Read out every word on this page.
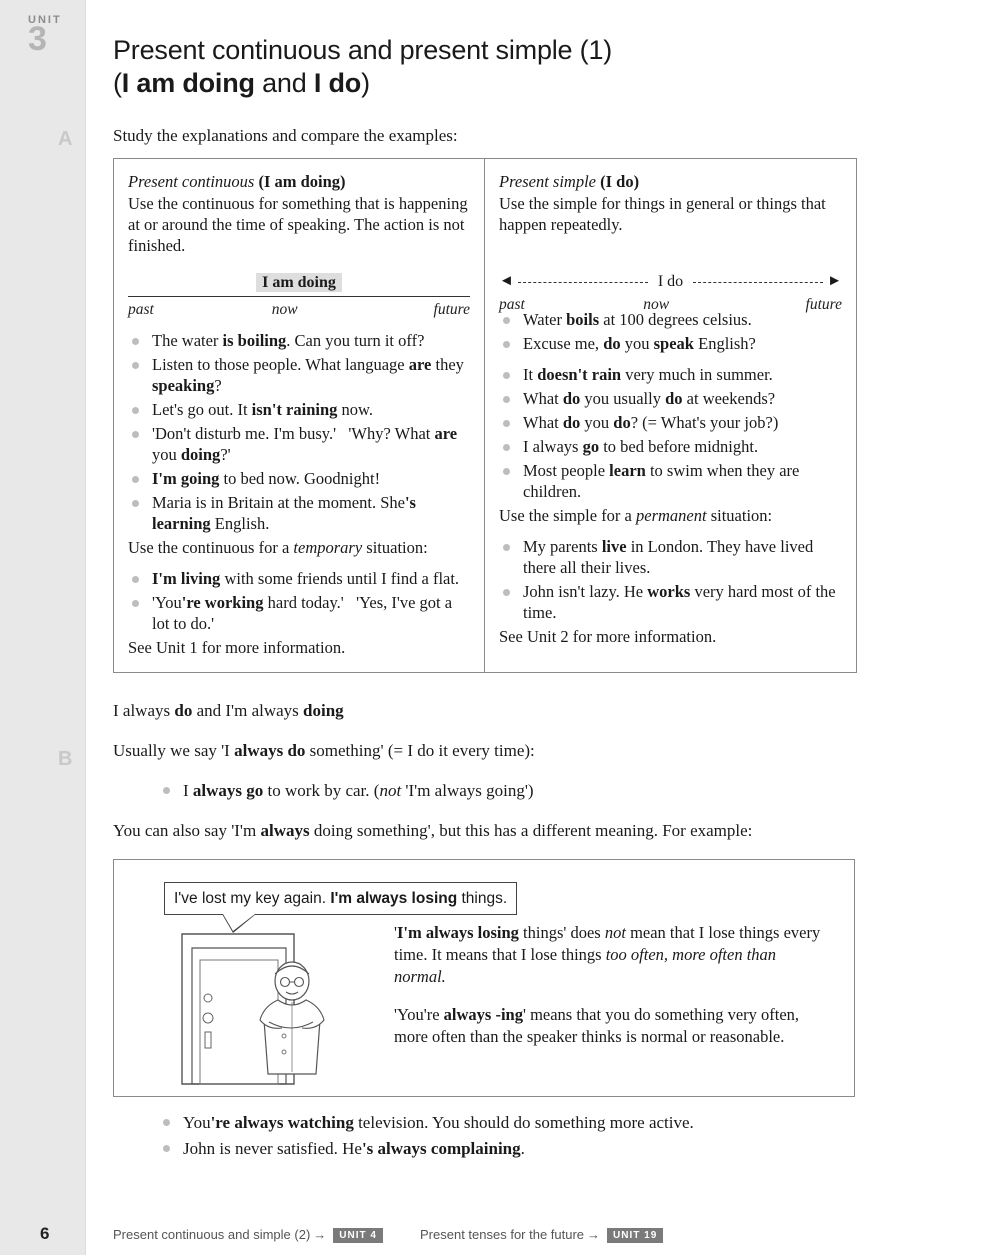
UNIT
3
A
B
Present continuous and present simple (1)
(I am doing and I do)

Study the explanations and compare the examples:

Present continuous (I am doing)

Use the continuous for something that is happening at or around the time of speaking. The action is not finished.

I am doing
past	now	future
The water is boiling. Can you turn it off?
Listen to those people. What language are they speaking?
Let's go out. It isn't raining now.
'Don't disturb me. I'm busy.'   'Why? What are you doing?'
I'm going to bed now. Goodnight!
Maria is in Britain at the moment. She's learning English.

Use the continuous for a temporary situation:

I'm living with some friends until I find a flat.
'You're working hard today.'   'Yes, I've got a lot to do.'

See Unit 1 for more information.

Present simple (I do)

Use the simple for things in general or things that happen repeatedly.

◄	I do	►
past	now	future
Water boils at 100 degrees celsius.
Excuse me, do you speak English?
It doesn't rain very much in summer.
What do you usually do at weekends?
What do you do? (= What's your job?)
I always go to bed before midnight.
Most people learn to swim when they are children.

Use the simple for a permanent situation:

My parents live in London. They have lived there all their lives.
John isn't lazy. He works very hard most of the time.

See Unit 2 for more information.

I always do and I'm always doing

Usually we say 'I always do something' (= I do it every time):

I always go to work by car. (not 'I'm always going')

You can also say 'I'm always doing something', but this has a different meaning. For example:

I've lost my key again. I'm always losing things.

'I'm always losing things' does not mean that I lose things every time. It means that I lose things too often, more often than normal.

'You're always -ing' means that you do something very often, more often than the speaker thinks is normal or reasonable.

You're always watching television. You should do something more active.
John is never satisfied. He's always complaining.
6	Present continuous and simple (2) → UNIT 4	Present tenses for the future → UNIT 19
